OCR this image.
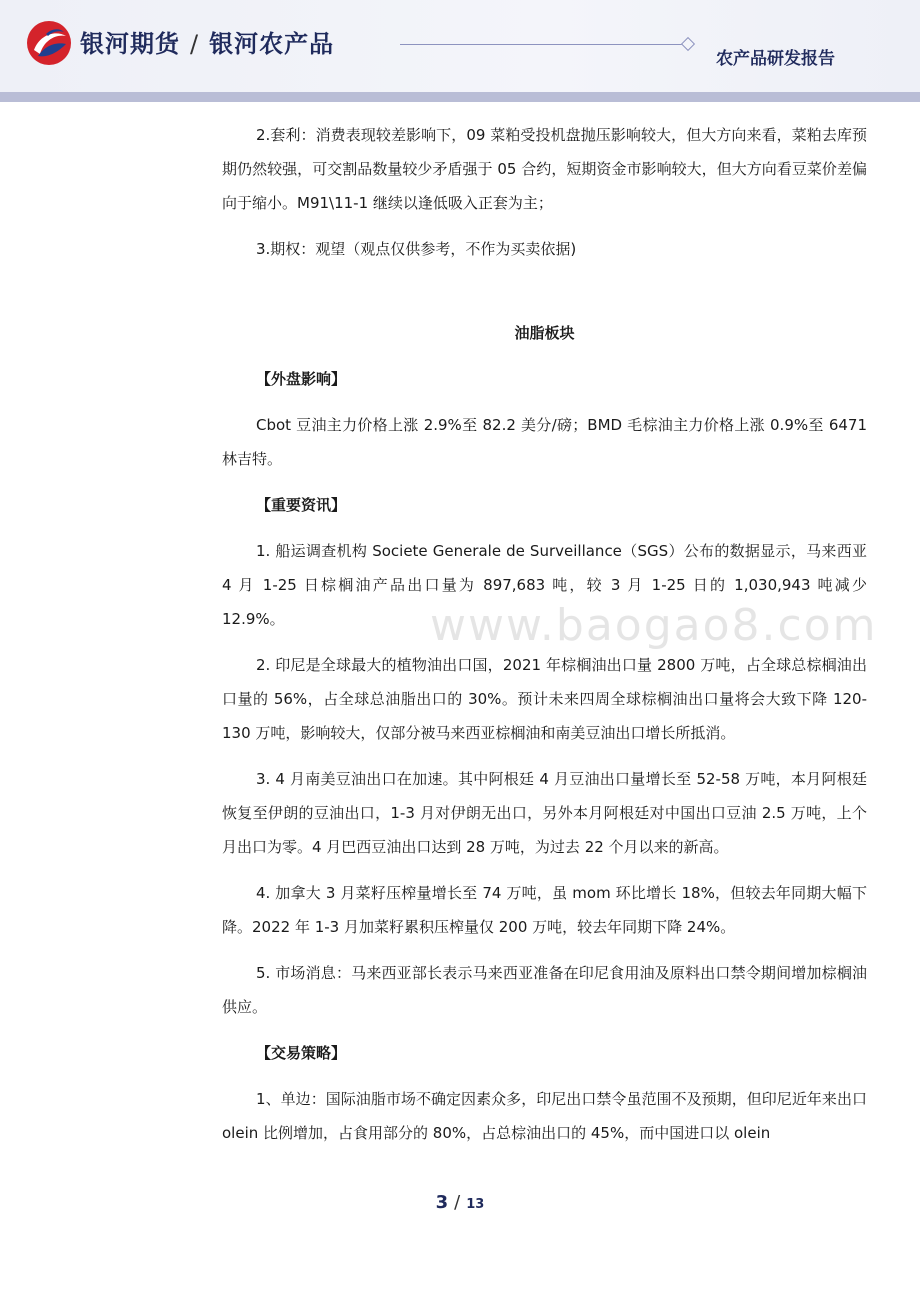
银河期货 / 银河农产品
农产品研发报告

2.套利：消费表现较差影响下，09 菜粕受投机盘抛压影响较大，但大方向来看，菜粕去库预期仍然较强，可交割品数量较少矛盾强于 05 合约，短期资金市影响较大，但大方向看豆菜价差偏向于缩小。M91\11-1 继续以逢低吸入正套为主；

3.期权：观望（观点仅供参考，不作为买卖依据)

油脂板块
【外盘影响】

Cbot 豆油主力价格上涨 2.9%至 82.2 美分/磅；BMD 毛棕油主力价格上涨 0.9%至 6471 林吉特。

【重要资讯】

1. 船运调查机构 Societe Generale de Surveillance（SGS）公布的数据显示，马来西亚 4 月 1-25 日棕榈油产品出口量为 897,683 吨，较 3 月 1-25 日的 1,030,943 吨减少 12.9%。

2. 印尼是全球最大的植物油出口国，2021 年棕榈油出口量 2800 万吨，占全球总棕榈油出口量的 56%，占全球总油脂出口的 30%。预计未来四周全球棕榈油出口量将会大致下降 120-130 万吨，影响较大，仅部分被马来西亚棕榈油和南美豆油出口增长所抵消。

3. 4 月南美豆油出口在加速。其中阿根廷 4 月豆油出口量增长至 52-58 万吨，本月阿根廷恢复至伊朗的豆油出口，1-3 月对伊朗无出口，另外本月阿根廷对中国出口豆油 2.5 万吨，上个月出口为零。4 月巴西豆油出口达到 28 万吨，为过去 22 个月以来的新高。

4. 加拿大 3 月菜籽压榨量增长至 74 万吨，虽 mom 环比增长 18%，但较去年同期大幅下降。2022 年 1-3 月加菜籽累积压榨量仅 200 万吨，较去年同期下降 24%。

5. 市场消息：马来西亚部长表示马来西亚准备在印尼食用油及原料出口禁令期间增加棕榈油供应。

【交易策略】

1、单边：国际油脂市场不确定因素众多，印尼出口禁令虽范围不及预期，但印尼近年来出口 olein 比例增加，占食用部分的 80%，占总棕油出口的 45%，而中国进口以 olein

www.baogao8.com
3 / 13
